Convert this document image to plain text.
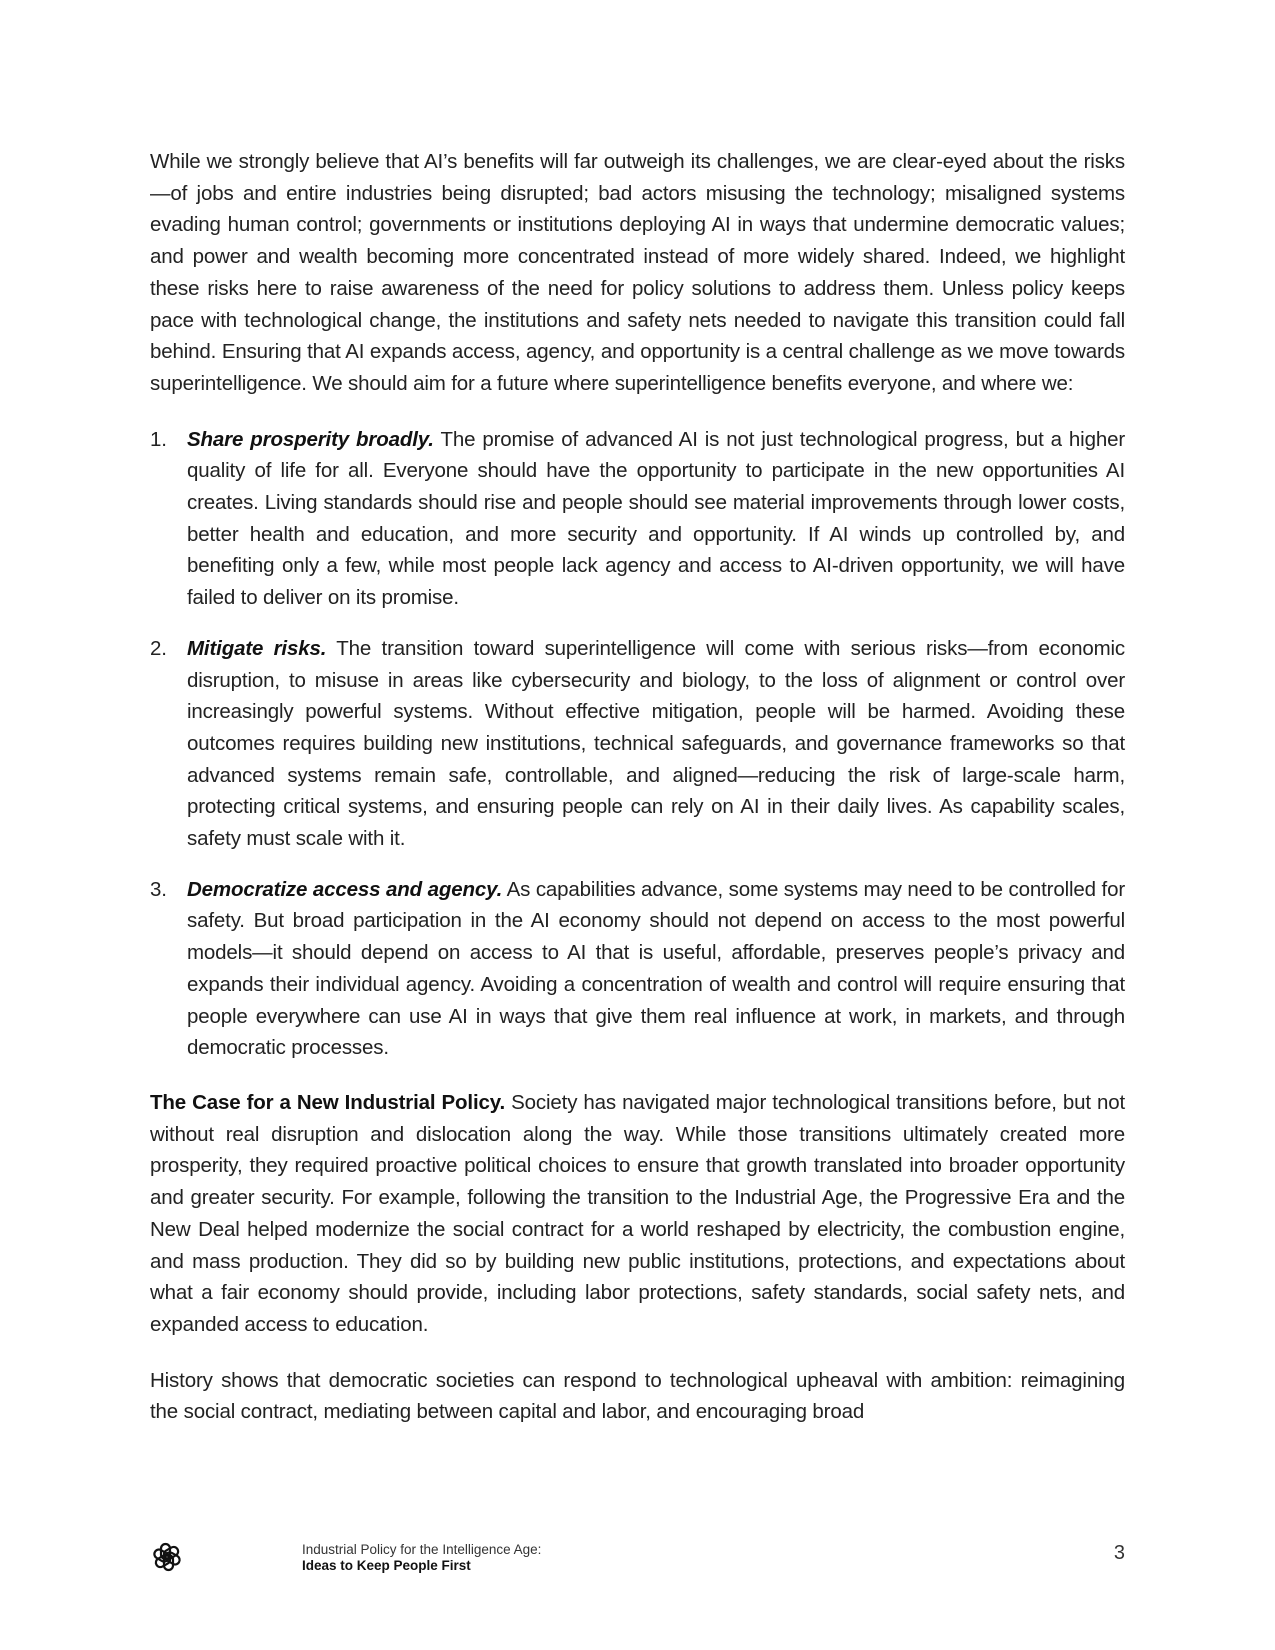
While we strongly believe that AI’s benefits will far outweigh its challenges, we are clear-eyed about the risks—of jobs and entire industries being disrupted; bad actors misusing the technology; misaligned systems evading human control; governments or institutions deploying AI in ways that undermine democratic values; and power and wealth becoming more concentrated instead of more widely shared. Indeed, we highlight these risks here to raise awareness of the need for policy solutions to address them. Unless policy keeps pace with technological change, the institutions and safety nets needed to navigate this transition could fall behind. Ensuring that AI expands access, agency, and opportunity is a central challenge as we move towards superintelligence. We should aim for a future where superintelligence benefits everyone, and where we:

1. Share prosperity broadly. The promise of advanced AI is not just technological progress, but a higher quality of life for all. Everyone should have the opportunity to participate in the new opportunities AI creates. Living standards should rise and people should see material improvements through lower costs, better health and education, and more security and opportunity. If AI winds up controlled by, and benefiting only a few, while most people lack agency and access to AI-driven opportunity, we will have failed to deliver on its promise.
2. Mitigate risks. The transition toward superintelligence will come with serious risks—from economic disruption, to misuse in areas like cybersecurity and biology, to the loss of alignment or control over increasingly powerful systems. Without effective mitigation, people will be harmed. Avoiding these outcomes requires building new institutions, technical safeguards, and governance frameworks so that advanced systems remain safe, controllable, and aligned—reducing the risk of large-scale harm, protecting critical systems, and ensuring people can rely on AI in their daily lives. As capability scales, safety must scale with it.
3. Democratize access and agency. As capabilities advance, some systems may need to be controlled for safety. But broad participation in the AI economy should not depend on access to the most powerful models—it should depend on access to AI that is useful, affordable, preserves people’s privacy and expands their individual agency. Avoiding a concentration of wealth and control will require ensuring that people everywhere can use AI in ways that give them real influence at work, in markets, and through democratic processes.

The Case for a New Industrial Policy. Society has navigated major technological transitions before, but not without real disruption and dislocation along the way. While those transitions ultimately created more prosperity, they required proactive political choices to ensure that growth translated into broader opportunity and greater security. For example, following the transition to the Industrial Age, the Progressive Era and the New Deal helped modernize the social contract for a world reshaped by electricity, the combustion engine, and mass production. They did so by building new public institutions, protections, and expectations about what a fair economy should provide, including labor protections, safety standards, social safety nets, and expanded access to education.

History shows that democratic societies can respond to technological upheaval with ambition: reimagining the social contract, mediating between capital and labor, and encouraging broad

Industrial Policy for the Intelligence Age:
Ideas to Keep People First
3
